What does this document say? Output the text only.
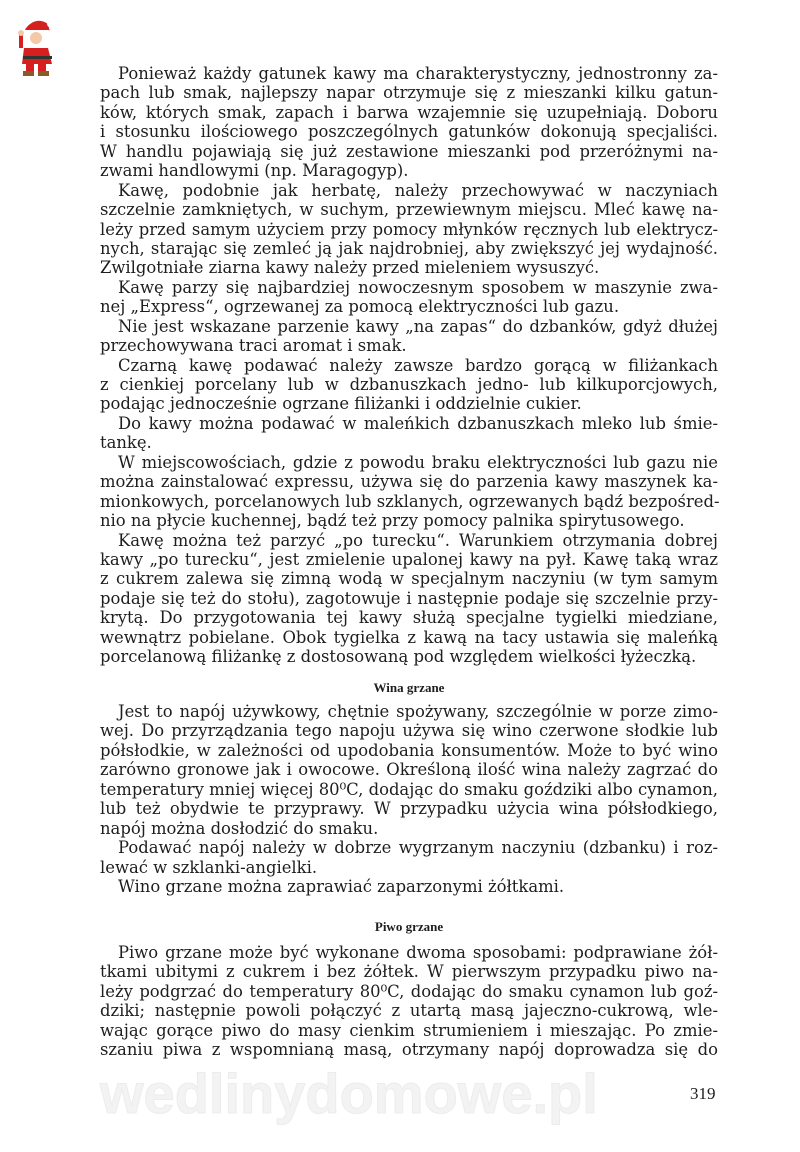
wedlinydomowe.pl
Ponieważ każdy gatunek kawy ma charakterystyczny, jednostronny za-
pach lub smak, najlepszy napar otrzymuje się z mieszanki kilku gatun-
ków, których smak, zapach i barwa wzajemnie się uzupełniają. Doboru
i stosunku ilościowego poszczególnych gatunków dokonują specjaliści.
W handlu pojawiają się już zestawione mieszanki pod przeróżnymi na-
zwami handlowymi (np. Maragogyp).
Kawę, podobnie jak herbatę, należy przechowywać w naczyniach
szczelnie zamkniętych, w suchym, przewiewnym miejscu. Mleć kawę na-
leży przed samym użyciem przy pomocy młynków ręcznych lub elektrycz-
nych, starając się zemleć ją jak najdrobniej, aby zwiększyć jej wydajność.
Zwilgotniałe ziarna kawy należy przed mieleniem wysuszyć.
Kawę parzy się najbardziej nowoczesnym sposobem w maszynie zwa-
nej „Express“, ogrzewanej za pomocą elektryczności lub gazu.
Nie jest wskazane parzenie kawy „na zapas“ do dzbanków, gdyż dłużej
przechowywana traci aromat i smak.
Czarną kawę podawać należy zawsze bardzo gorącą w filiżankach
z cienkiej porcelany lub w dzbanuszkach jedno- lub kilkuporcjowych,
podając jednocześnie ogrzane filiżanki i oddzielnie cukier.
Do kawy można podawać w maleńkich dzbanuszkach mleko lub śmie-
tankę.
W miejscowościach, gdzie z powodu braku elektryczności lub gazu nie
można zainstalować expressu, używa się do parzenia kawy maszynek ka-
mionkowych, porcelanowych lub szklanych, ogrzewanych bądź bezpośred-
nio na płycie kuchennej, bądź też przy pomocy palnika spirytusowego.
Kawę można też parzyć „po turecku“. Warunkiem otrzymania dobrej
kawy „po turecku“, jest zmielenie upalonej kawy na pył. Kawę taką wraz
z cukrem zalewa się zimną wodą w specjalnym naczyniu (w tym samym
podaje się też do stołu), zagotowuje i następnie podaje się szczelnie przy-
krytą. Do przygotowania tej kawy służą specjalne tygielki miedziane,
wewnątrz pobielane. Obok tygielka z kawą na tacy ustawia się maleńką
porcelanową filiżankę z dostosowaną pod względem wielkości łyżeczką.
Wina grzane
Jest to napój używkowy, chętnie spożywany, szczególnie w porze zimo-
wej. Do przyrządzania tego napoju używa się wino czerwone słodkie lub
półsłodkie, w zależności od upodobania konsumentów. Może to być wino
zarówno gronowe jak i owocowe. Określoną ilość wina należy zagrzać do
temperatury mniej więcej 80⁰C, dodając do smaku goździki albo cynamon,
lub też obydwie te przyprawy. W przypadku użycia wina półsłodkiego,
napój można dosłodzić do smaku.
Podawać napój należy w dobrze wygrzanym naczyniu (dzbanku) i roz-
lewać w szklanki-angielki.
Wino grzane można zaprawiać zaparzonymi żółtkami.
Piwo grzane
Piwo grzane może być wykonane dwoma sposobami: podprawiane żół-
tkami ubitymi z cukrem i bez żółtek. W pierwszym przypadku piwo na-
leży podgrzać do temperatury 80⁰C, dodając do smaku cynamon lub goź-
dziki; następnie powoli połączyć z utartą masą jajeczno-cukrową, wle-
wając gorące piwo do masy cienkim strumieniem i mieszając. Po zmie-
szaniu piwa z wspomnianą masą, otrzymany napój doprowadza się do
319
